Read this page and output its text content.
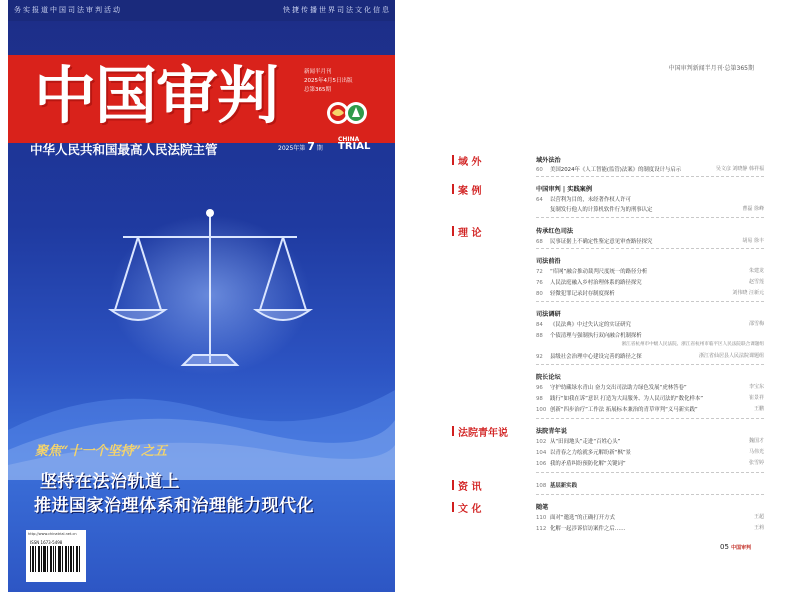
务实报道中国司法审判活动	快捷传播世界司法文化信息
中国审判	新闻半月刊
2025年4月5日出版
总第365期
中华人民共和国最高人民法院主管	2025年第 7 期
CHINA
TRIAL
聚焦“十一个坚持”之五
坚持在法治轨道上
推进国家治理体系和治理能力现代化
http://www.chinatrial.net.cn
ISSN 1673-5498
中国审判新闻半月刊·总第365期
域 外	域外法治
60 美国2024年《人工智能(监管)法案》的制度设计与启示	吴文彦 刘晓静 韩祥福
案 例	中国审判 | 实践案例
64 以营利为目的，未经著作权人许可
复制发行他人的计算机软件行为的刑事认定	曹磊 徐峰
理 论	传承红色司法
68 民事证据上不确定性鉴定意见审查路径探究	胡易 徐丰
司法前沿
72 “库网”融合推动裁判尺度统一的路径分析	朱建龙
76 人民法庭融入乡村治理体系的路径探究	赵雪莲
80 轻微犯罪记录封存制度探析	刘伟晓 汪新元
司法调研
84 《民法典》中过失认定的实证研究	邵雪梅
88 个债清理与强制执行双向融合机制探析
浙江省杭州市中级人民法院、浙江省杭州市临平区人民法院联合课题组
92 县级社会治理中心建设完善的路径之探	浙江省仙居县人民法院课题组
院长论坛
96 守护幼藏绿水青山 奋力交出司法助力绿色发展“虎林答卷”	李宝东
98 践行“如我在诉”意识 打造为大局服务、为人民司法的“数化样本”	崔景祥
100 创新“四步治疗”工作法 拓展标本兼治的青草审判“义马新实践”	王鹏
法院青年说	法院青年说
102 从“田间地头”走进“百姓心头”	魏国才
104 以青春之力绘就多元解纷新“枫”景	马伟光
106 我的矛盾纠纷预防化解“关键词”	张雪婷
资 讯	108 基层新实践
文 化	随笔
110 面对“邀选”的正确打开方式	王超
112 化解一起涉诉信访案件之后……	王莉
05 中国审判
